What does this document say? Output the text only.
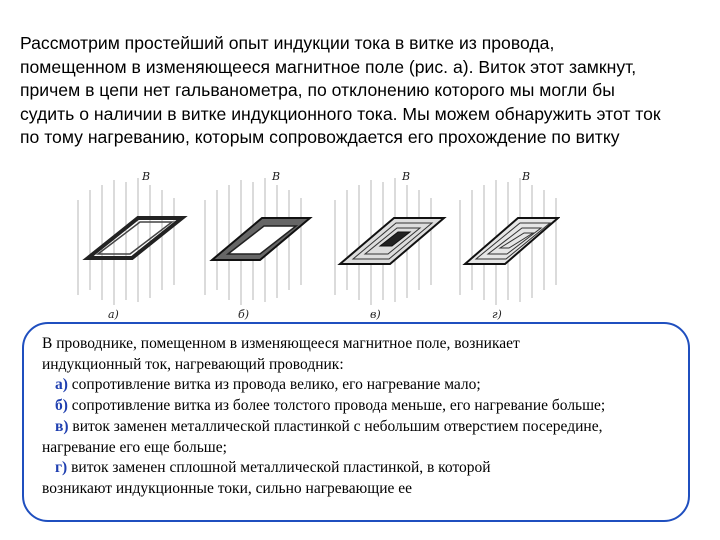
Рассмотрим простейший опыт индукции тока в витке из провода,
помещенном в изменяющееся магнитное поле (рис. а). Виток этот замкнут,
причем в цепи нет гальванометра, по отклонению которого мы могли бы
судить о наличии в витке индукционного тока. Мы можем обнаружить этот ток
по тому нагреванию, которым сопровождается его прохождение по витку
B
а)
B
б)
B
в)
B
г)
В проводнике, помещенном в изменяющееся магнитное поле, возникает
индукционный ток, нагревающий проводник:
а) сопротивление витка из провода велико, его нагревание мало;
б) сопротивление витка из более толстого провода меньше, его нагревание больше;
в) виток заменен металлической пластинкой с небольшим отверстием посередине,
нагревание его еще больше;
г) виток заменен сплошной металлической пластинкой, в которой
возникают индукционные токи, сильно нагревающие ее
